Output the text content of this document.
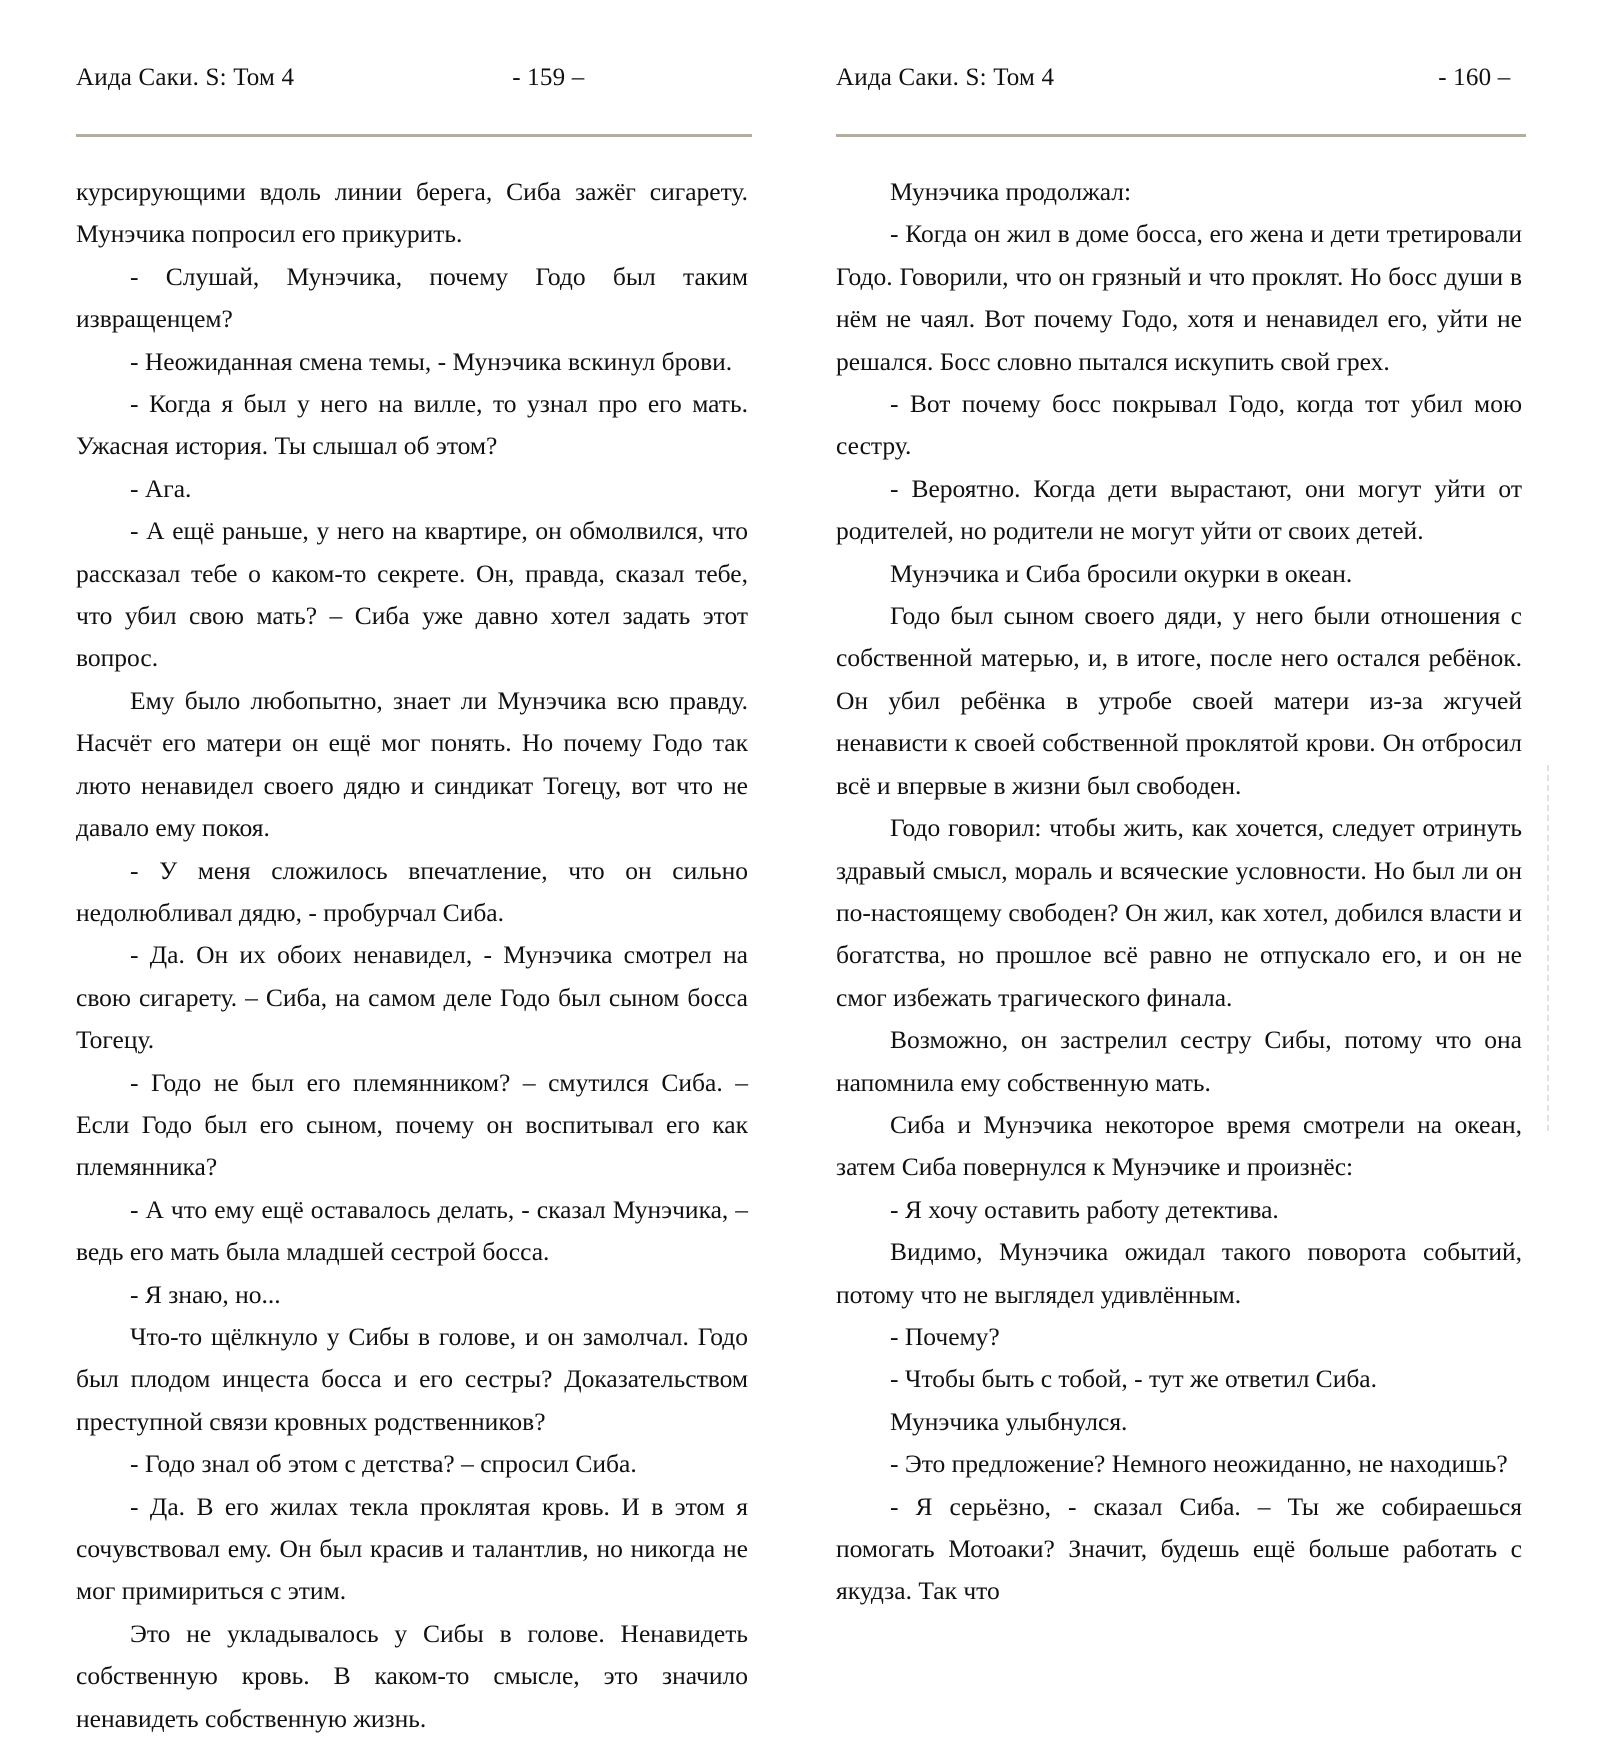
Аида Саки. S: Том 4	- 159 –

курсирующими вдоль линии берега, Сиба зажёг сигарету. Мунэчика попросил его прикурить.

- Слушай, Мунэчика, почему Годо был таким извращенцем?

- Неожиданная смена темы, - Мунэчика вскинул брови.

- Когда я был у него на вилле, то узнал про его мать. Ужасная история. Ты слышал об этом?

- Ага.

- А ещё раньше, у него на квартире, он обмолвился, что рассказал тебе о каком-то секрете. Он, правда, сказал тебе, что убил свою мать? – Сиба уже давно хотел задать этот вопрос.

Ему было любопытно, знает ли Мунэчика всю правду. Насчёт его матери он ещё мог понять. Но почему Годо так люто ненавидел своего дядю и синдикат Тогецу, вот что не давало ему покоя.

- У меня сложилось впечатление, что он сильно недолюбливал дядю, - пробурчал Сиба.

- Да. Он их обоих ненавидел, - Мунэчика смотрел на свою сигарету. – Сиба, на самом деле Годо был сыном босса Тогецу.

- Годо не был его племянником? – смутился Сиба. – Если Годо был его сыном, почему он воспитывал его как племянника?

- А что ему ещё оставалось делать, - сказал Мунэчика, – ведь его мать была младшей сестрой босса.

- Я знаю, но...

Что-то щёлкнуло у Сибы в голове, и он замолчал. Годо был плодом инцеста босса и его сестры? Доказательством преступной связи кровных родственников?

- Годо знал об этом с детства? – спросил Сиба.

- Да. В его жилах текла проклятая кровь. И в этом я сочувствовал ему. Он был красив и талантлив, но никогда не мог примириться с этим.

Это не укладывалось у Сибы в голове. Ненавидеть собственную кровь. В каком-то смысле, это значило ненавидеть собственную жизнь.

Аида Саки. S: Том 4	- 160 –

Мунэчика продолжал:

- Когда он жил в доме босса, его жена и дети третировали Годо. Говорили, что он грязный и что проклят. Но босс души в нём не чаял. Вот почему Годо, хотя и ненавидел его, уйти не решался. Босс словно пытался искупить свой грех.

- Вот почему босс покрывал Годо, когда тот убил мою сестру.

- Вероятно. Когда дети вырастают, они могут уйти от родителей, но родители не могут уйти от своих детей.

Мунэчика и Сиба бросили окурки в океан.

Годо был сыном своего дяди, у него были отношения с собственной матерью, и, в итоге, после него остался ребёнок. Он убил ребёнка в утробе своей матери из-за жгучей ненависти к своей собственной проклятой крови. Он отбросил всё и впервые в жизни был свободен.

Годо говорил: чтобы жить, как хочется, следует отринуть здравый смысл, мораль и всяческие условности. Но был ли он по-настоящему свободен? Он жил, как хотел, добился власти и богатства, но прошлое всё равно не отпускало его, и он не смог избежать трагического финала.

Возможно, он застрелил сестру Сибы, потому что она напомнила ему собственную мать.

Сиба и Мунэчика некоторое время смотрели на океан, затем Сиба повернулся к Мунэчике и произнёс:

- Я хочу оставить работу детектива.

Видимо, Мунэчика ожидал такого поворота событий, потому что не выглядел удивлённым.

- Почему?

- Чтобы быть с тобой, - тут же ответил Сиба.

Мунэчика улыбнулся.

- Это предложение? Немного неожиданно, не находишь?

- Я серьёзно, - сказал Сиба. – Ты же собираешься помогать Мотоаки? Значит, будешь ещё больше работать с якудза. Так что
